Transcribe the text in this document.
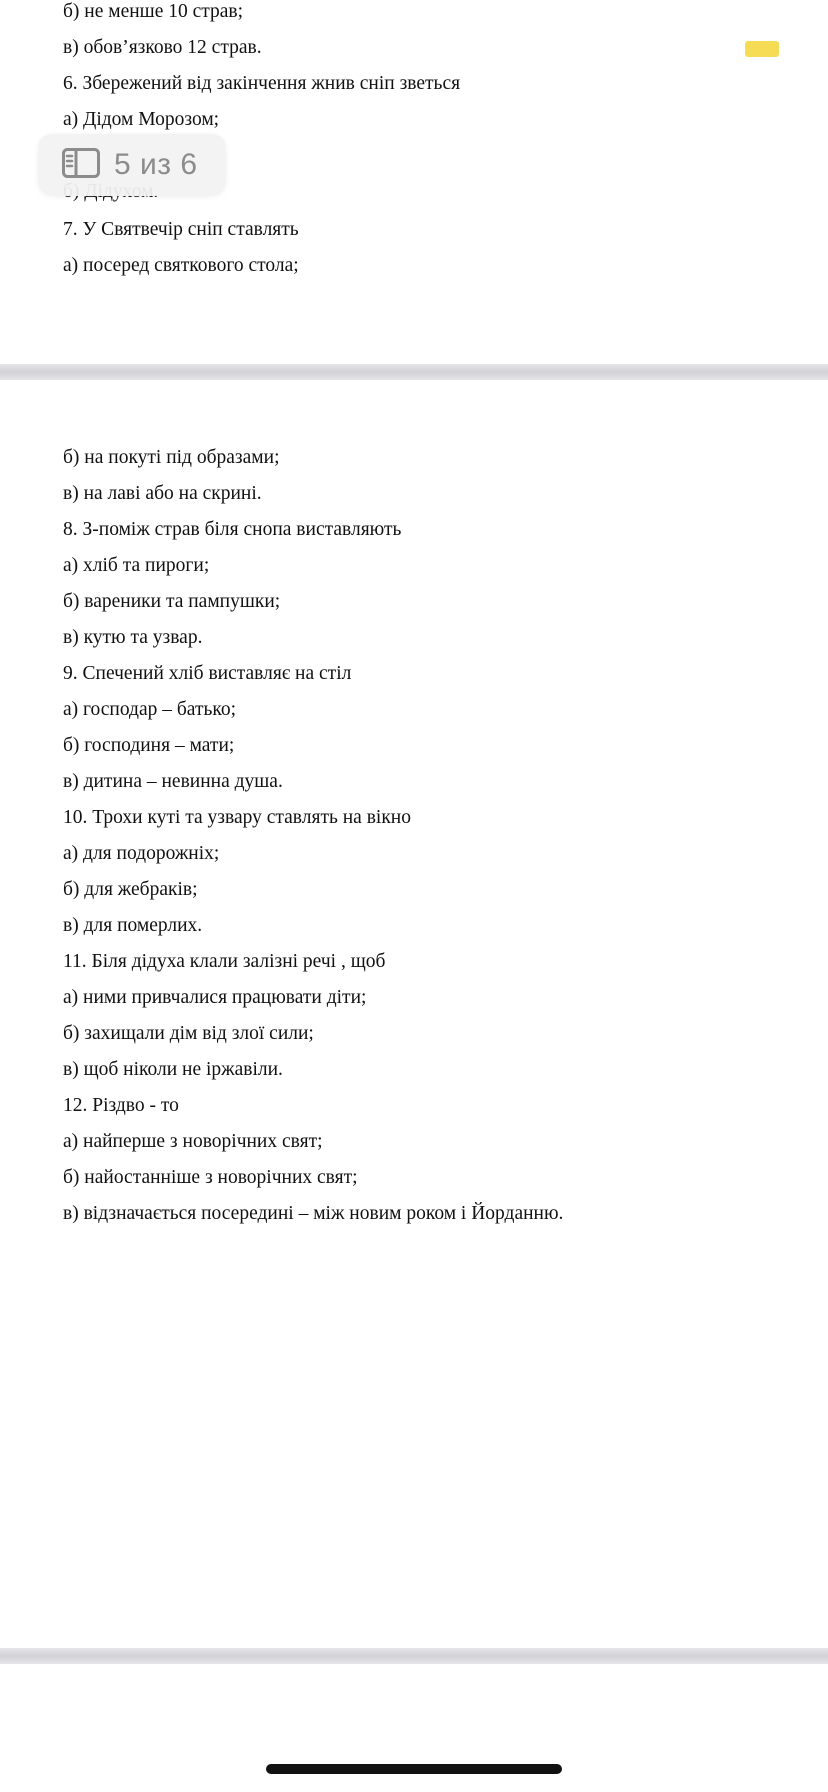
б) не менше 10 страв;
в) обов’язково 12 страв.
6. Збережений від закінчення жнив сніп зветься
а) Дідом Морозом;
7. У Святвечір сніп ставлять
а) посеред святкового стола;
б) на покуті під образами;
в) на лаві або на скрині.
8. З-поміж страв біля снопа виставляють
а) хліб та пироги;
б) вареники та пампушки;
в) кутю та узвар.
9. Спечений хліб виставляє на стіл
а) господар – батько;
б) господиня – мати;
в) дитина – невинна душа.
10. Трохи куті та узвару ставлять на вікно
а) для подорожніх;
б) для жебраків;
в) для померлих.
11. Біля дідуха клали залізні речі , щоб
а) ними привчалися працювати діти;
б) захищали дім від злої сили;
в) щоб ніколи не іржавіли.
12. Різдво - то
а) найперше з новорічних свят;
б) найостанніше з новорічних свят;
в) відзначається посередині – між новим роком і Йорданню.
5 из 6
